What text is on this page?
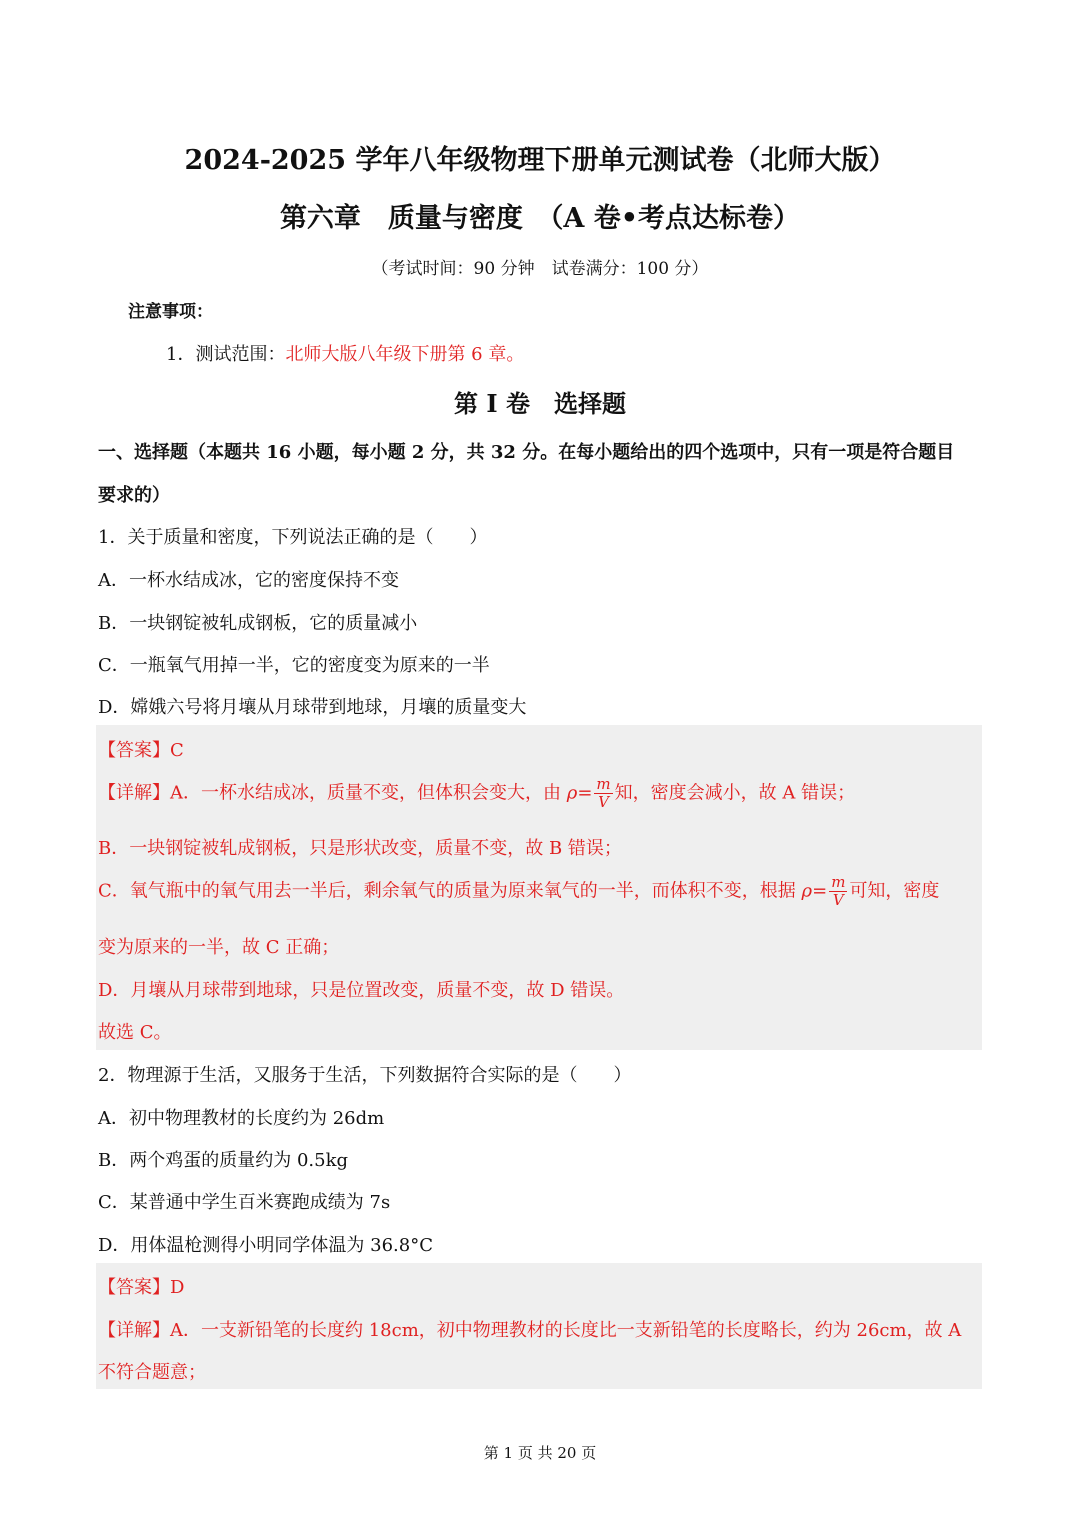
2024-2025 学年八年级物理下册单元测试卷（北师大版）
第六章　质量与密度　（A 卷•考点达标卷）
（考试时间：90 分钟　试卷满分：100 分）
注意事项：
1．测试范围：北师大版八年级下册第 6 章。
第 I 卷　选择题
一、选择题（本题共 16 小题，每小题 2 分，共 32 分。在每小题给出的四个选项中，只有一项是符合题目
要求的）
1．关于质量和密度，下列说法正确的是（　　）
A．一杯水结成冰，它的密度保持不变
B．一块钢锭被轧成钢板，它的质量减小
C．一瓶氧气用掉一半，它的密度变为原来的一半
D．嫦娥六号将月壤从月球带到地球，月壤的质量变大
【答案】C
【详解】A．一杯水结成冰，质量不变，但体积会变大，由 $\rho= \frac{m}{V}$ 知，密度会减小，故 A 错误；
B．一块钢锭被轧成钢板，只是形状改变，质量不变，故 B 错误；
C．氧气瓶中的氧气用去一半后，剩余氧气的质量为原来氧气的一半，而体积不变，根据 $\rho= \frac{m}{V}$ 可知，密度
变为原来的一半，故 C 正确；
D．月壤从月球带到地球，只是位置改变，质量不变，故 D 错误。
故选 C。
2．物理源于生活，又服务于生活，下列数据符合实际的是（　　）
A．初中物理教材的长度约为 26dm
B．两个鸡蛋的质量约为 0.5kg
C．某普通中学生百米赛跑成绩为 7s
D．用体温枪测得小明同学体温为 36.8°C
【答案】D
【详解】A．一支新铅笔的长度约 18cm，初中物理教材的长度比一支新铅笔的长度略长，约为 26cm，故 A
不符合题意；
第 1 页 共 20 页
